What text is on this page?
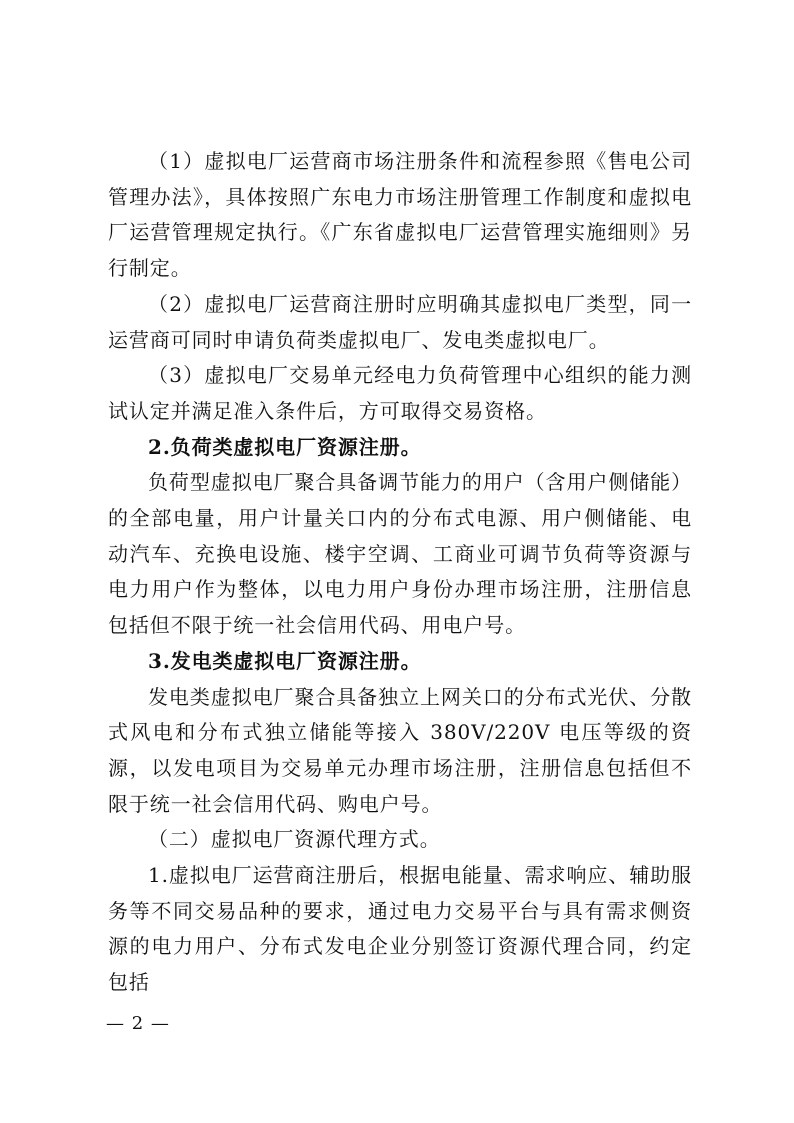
（1）虚拟电厂运营商市场注册条件和流程参照《售电公司管理办法》，具体按照广东电力市场注册管理工作制度和虚拟电厂运营管理规定执行。《广东省虚拟电厂运营管理实施细则》另行制定。

（2）虚拟电厂运营商注册时应明确其虚拟电厂类型，同一运营商可同时申请负荷类虚拟电厂、发电类虚拟电厂。

（3）虚拟电厂交易单元经电力负荷管理中心组织的能力测试认定并满足准入条件后，方可取得交易资格。

2.负荷类虚拟电厂资源注册。

负荷型虚拟电厂聚合具备调节能力的用户（含用户侧储能）的全部电量，用户计量关口内的分布式电源、用户侧储能、电动汽车、充换电设施、楼宇空调、工商业可调节负荷等资源与电力用户作为整体，以电力用户身份办理市场注册，注册信息包括但不限于统一社会信用代码、用电户号。

3.发电类虚拟电厂资源注册。

发电类虚拟电厂聚合具备独立上网关口的分布式光伏、分散式风电和分布式独立储能等接入 380V/220V 电压等级的资源，以发电项目为交易单元办理市场注册，注册信息包括但不限于统一社会信用代码、购电户号。

（二）虚拟电厂资源代理方式。

1.虚拟电厂运营商注册后，根据电能量、需求响应、辅助服务等不同交易品种的要求，通过电力交易平台与具有需求侧资源的电力用户、分布式发电企业分别签订资源代理合同，约定包括

— 2 —
